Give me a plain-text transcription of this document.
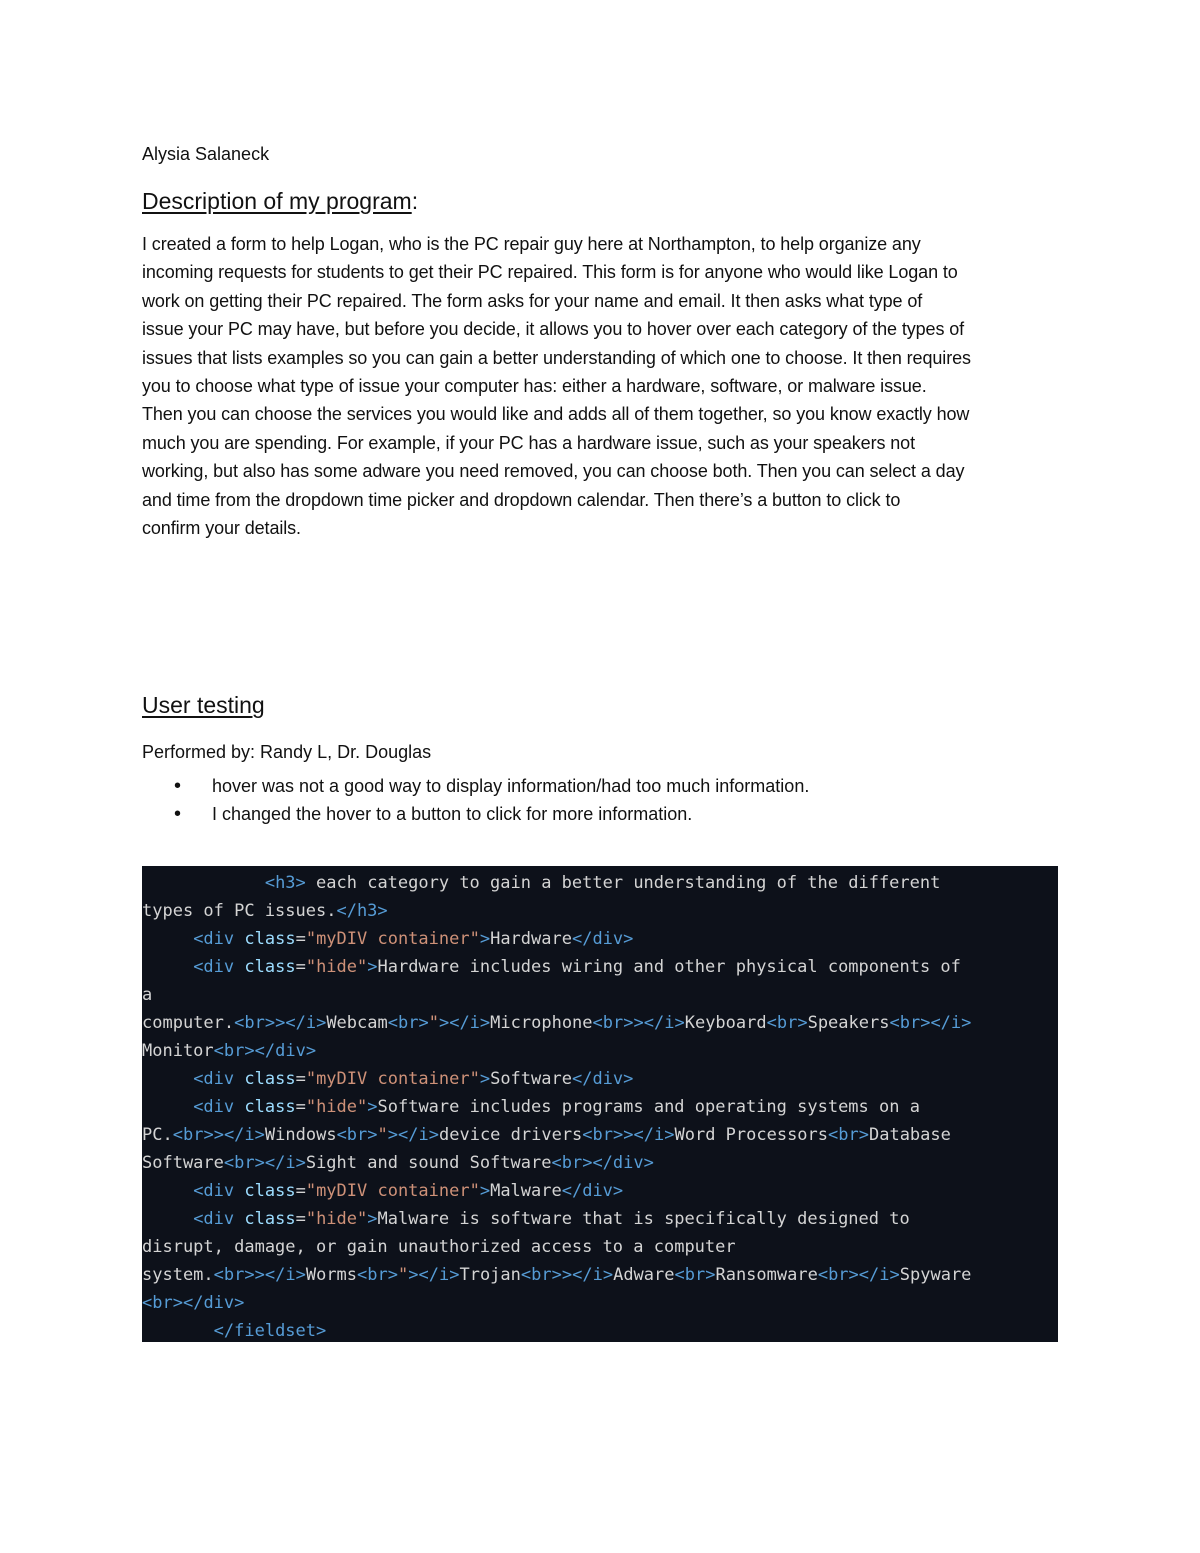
Alysia Salaneck

Description of my program:
I created a form to help Logan, who is the PC repair guy here at Northampton, to help organize any
incoming requests for students to get their PC repaired. This form is for anyone who would like Logan to
work on getting their PC repaired. The form asks for your name and email. It then asks what type of
issue your PC may have, but before you decide, it allows you to hover over each category of the types of
issues that lists examples so you can gain a better understanding of which one to choose. It then requires
you to choose what type of issue your computer has: either a hardware, software, or malware issue.
Then you can choose the services you would like and adds all of them together, so you know exactly how
much you are spending. For example, if your PC has a hardware issue, such as your speakers not
working, but also has some adware you need removed, you can choose both. Then you can select a day
and time from the dropdown time picker and dropdown calendar. Then there’s a button to click to
confirm your details.
User testing

Performed by: Randy L, Dr. Douglas

• hover was not a good way to display information/had too much information.
• I changed the hover to a button to click for more information.
<h3> each category to gain a better understanding of the different
types of PC issues.</h3>
<div class="myDIV container">Hardware</div>
<div class="hide">Hardware includes wiring and other physical components of
a
computer.<br>></i>Webcam<br>"></i>Microphone<br>></i>Keyboard<br>Speakers<br></i>
Monitor<br></div>
<div class="myDIV container">Software</div>
<div class="hide">Software includes programs and operating systems on a
PC.<br>></i>Windows<br>"></i>device drivers<br>></i>Word Processors<br>Database
Software<br></i>Sight and sound Software<br></div>
<div class="myDIV container">Malware</div>
<div class="hide">Malware is software that is specifically designed to
disrupt, damage, or gain unauthorized access to a computer
system.<br>></i>Worms<br>"></i>Trojan<br>></i>Adware<br>Ransomware<br></i>Spyware
<br></div>
</fieldset>
